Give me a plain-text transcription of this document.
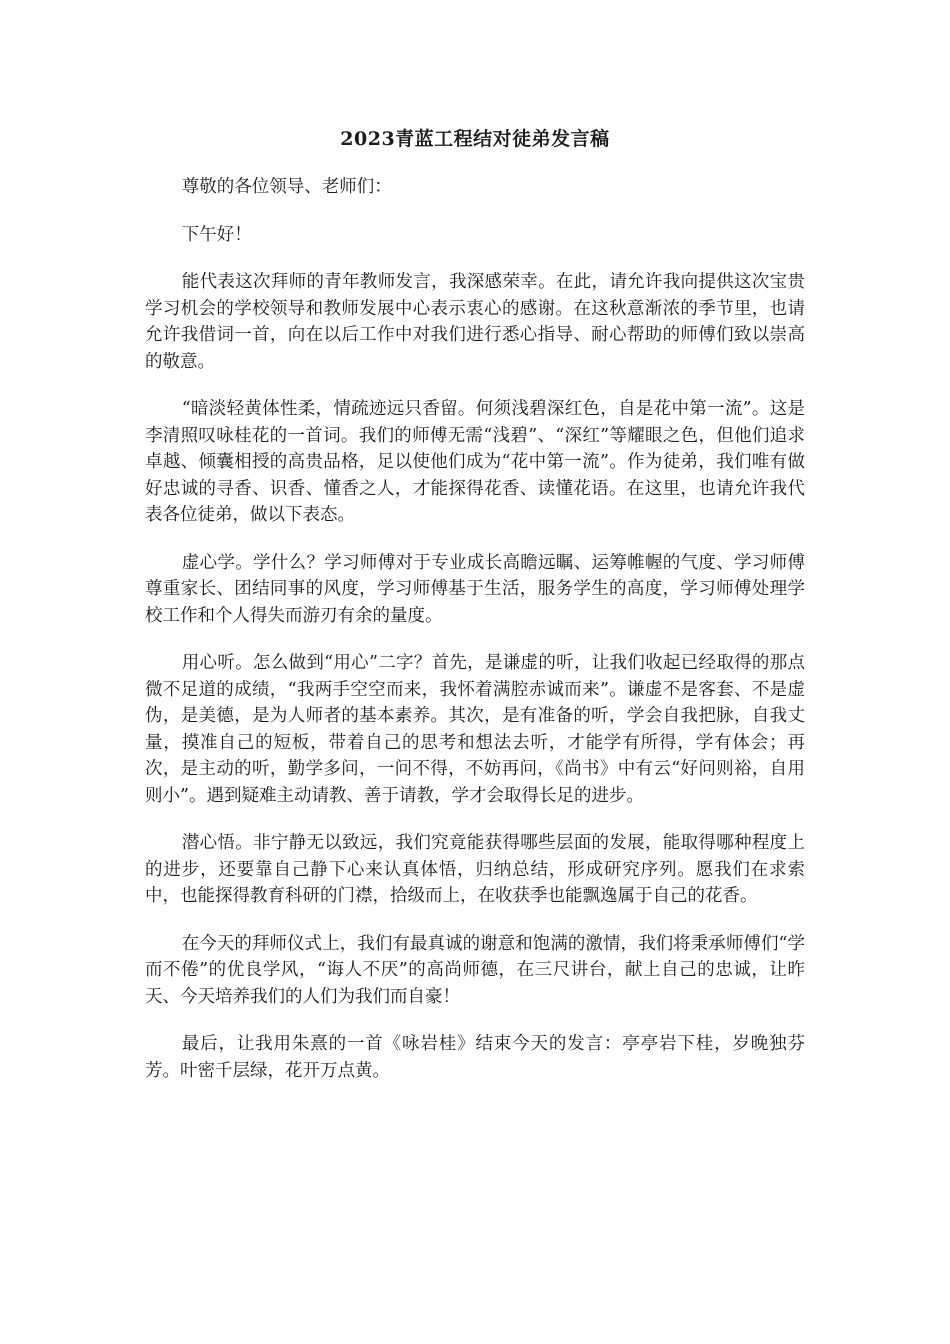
2023青蓝工程结对徒弟发言稿

尊敬的各位领导、老师们：

下午好！

能代表这次拜师的青年教师发言，我深感荣幸。在此，请允许我向提供这次宝贵学习机会的学校领导和教师发展中心表示衷心的感谢。在这秋意渐浓的季节里，也请允许我借词一首，向在以后工作中对我们进行悉心指导、耐心帮助的师傅们致以崇高的敬意。

“暗淡轻黄体性柔，情疏迹远只香留。何须浅碧深红色，自是花中第一流”。这是李清照叹咏桂花的一首词。我们的师傅无需“浅碧”、“深红”等耀眼之色，但他们追求卓越、倾囊相授的高贵品格，足以使他们成为“花中第一流”。作为徒弟，我们唯有做好忠诚的寻香、识香、懂香之人，才能探得花香、读懂花语。在这里，也请允许我代表各位徒弟，做以下表态。

虚心学。学什么？学习师傅对于专业成长高瞻远瞩、运筹帷幄的气度、学习师傅尊重家长、团结同事的风度，学习师傅基于生活，服务学生的高度，学习师傅处理学校工作和个人得失而游刃有余的量度。

用心听。怎么做到“用心”二字？首先，是谦虚的听，让我们收起已经取得的那点微不足道的成绩，“我两手空空而来，我怀着满腔赤诚而来”。谦虚不是客套、不是虚伪，是美德，是为人师者的基本素养。其次，是有准备的听，学会自我把脉，自我丈量，摸准自己的短板，带着自己的思考和想法去听，才能学有所得，学有体会；再次，是主动的听，勤学多问，一问不得，不妨再问，《尚书》中有云“好问则裕，自用则小”。遇到疑难主动请教、善于请教，学才会取得长足的进步。

潜心悟。非宁静无以致远，我们究竟能获得哪些层面的发展，能取得哪种程度上的进步，还要靠自己静下心来认真体悟，归纳总结，形成研究序列。愿我们在求索中，也能探得教育科研的门襟，拾级而上，在收获季也能飘逸属于自己的花香。

在今天的拜师仪式上，我们有最真诚的谢意和饱满的激情，我们将秉承师傅们“学而不倦”的优良学风，“诲人不厌”的高尚师德，在三尺讲台，献上自己的忠诚，让昨天、今天培养我们的人们为我们而自豪！

最后，让我用朱熹的一首《咏岩桂》结束今天的发言：亭亭岩下桂，岁晚独芬芳。叶密千层绿，花开万点黄。
